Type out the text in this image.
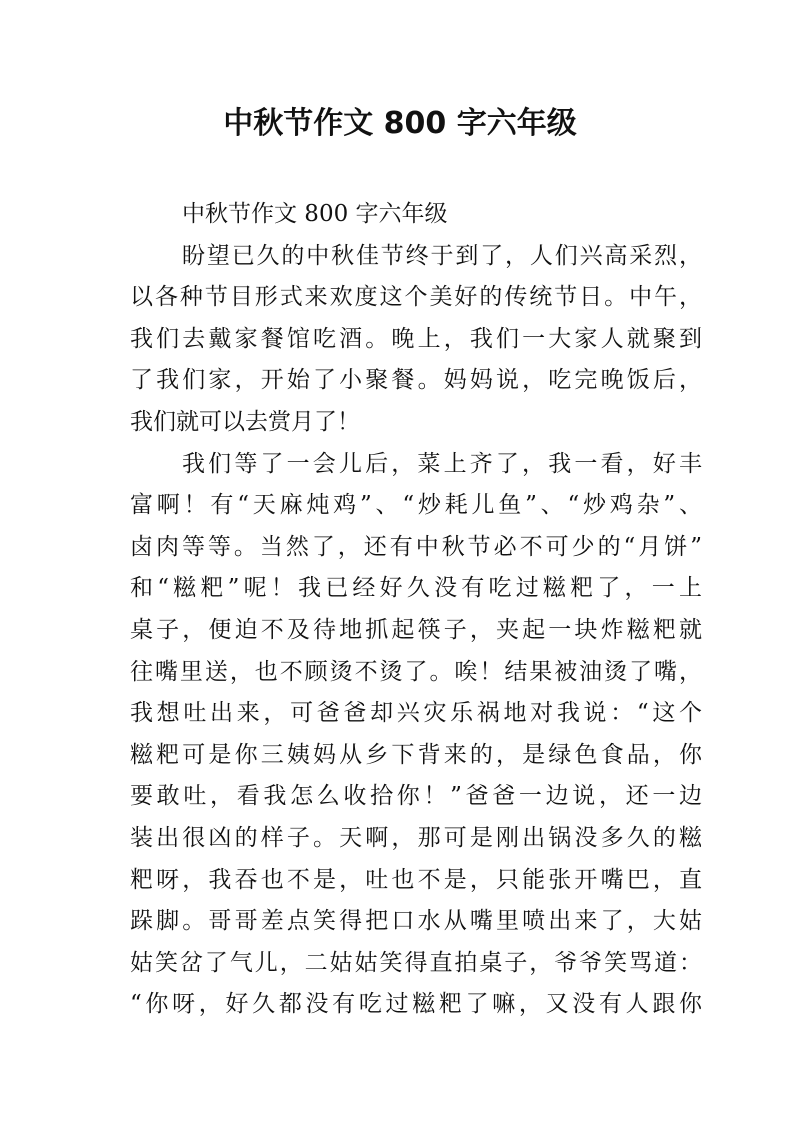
中秋节作文 800 字六年级
中秋节作文 800 字六年级
盼望已久的中秋佳节终于到了，人们兴高采烈，
以各种节目形式来欢度这个美好的传统节日。中午，
我们去戴家餐馆吃酒。晚上，我们一大家人就聚到
了我们家，开始了小聚餐。妈妈说，吃完晚饭后，
我们就可以去赏月了！
我们等了一会儿后，菜上齐了，我一看，好丰
富啊！有“天麻炖鸡”、“炒耗儿鱼”、“炒鸡杂”、
卤肉等等。当然了，还有中秋节必不可少的“月饼”
和“糍粑”呢！我已经好久没有吃过糍粑了，一上
桌子，便迫不及待地抓起筷子，夹起一块炸糍粑就
往嘴里送，也不顾烫不烫了。唉！结果被油烫了嘴，
我想吐出来，可爸爸却兴灾乐祸地对我说：“这个
糍粑可是你三姨妈从乡下背来的，是绿色食品，你
要敢吐，看我怎么收拾你！”爸爸一边说，还一边
装出很凶的样子。天啊，那可是刚出锅没多久的糍
粑呀，我吞也不是，吐也不是，只能张开嘴巴，直
跺脚。哥哥差点笑得把口水从嘴里喷出来了，大姑
姑笑岔了气儿，二姑姑笑得直拍桌子，爷爷笑骂道：
“你呀，好久都没有吃过糍粑了嘛，又没有人跟你
